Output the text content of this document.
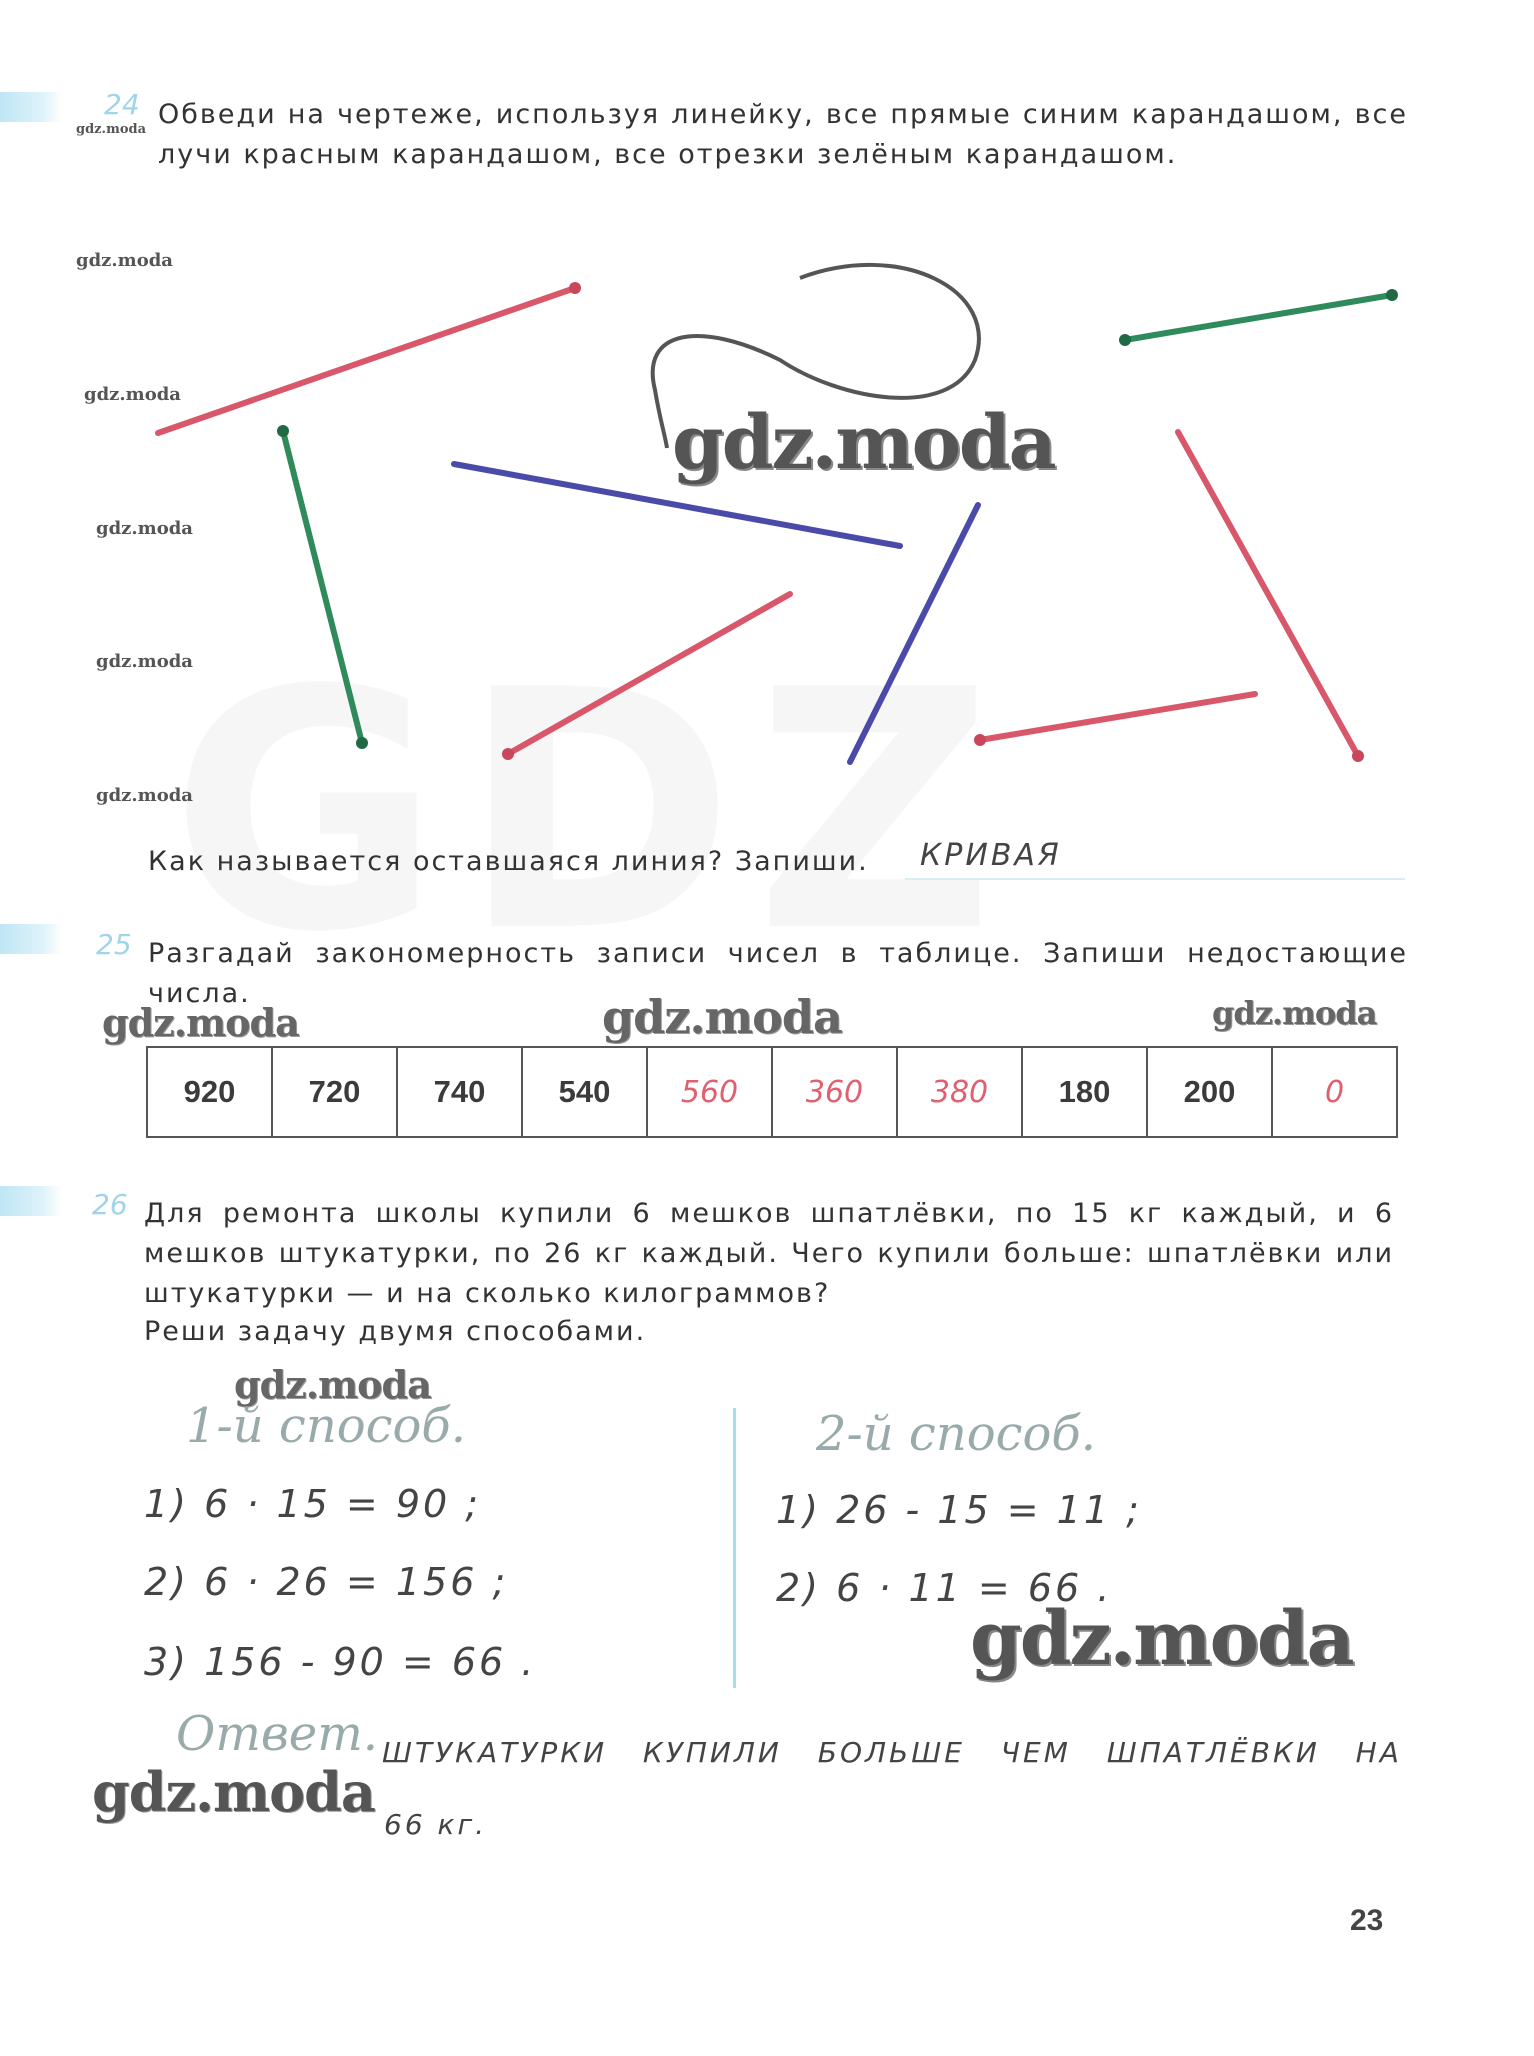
24
gdz.moda Обведи на чертеже, используя линейку, все прямые синим карандашом, все лучи красным карандашом, все отрезки зелёным карандашом.
gdz.moda
gdz.moda
gdz.moda
gdz.moda
gdz.moda
gdz.moda
Как называется оставшаяся линия? Запиши. КРИВАЯ
25 Разгадай закономерность записи чисел в таблице. Запиши недостающие числа.
gdz.moda	gdz.moda	gdz.moda
920	720	740	540	560	360	380	180	200	0
26 Для ремонта школы купили 6 мешков шпатлёвки, по 15 кг каждый, и 6 мешков штукатурки, по 26 кг каждый. Чего купили больше: шпатлёвки или штукатурки — и на сколько килограммов?
Реши задачу двумя способами.
gdz.moda
1-й способ.
1) 6 · 15 = 90 ;
2) 6 · 26 = 156 ;
3) 156 - 90 = 66 .
2-й способ.
1) 26 - 15 = 11 ;
2) 6 · 11 = 66 .
gdz.moda
Ответ. ШТУКАТУРКИ КУПИЛИ БОЛЬШЕ ЧЕМ ШПАТЛЁВКИ НА
gdz.moda
66 кг.
23
